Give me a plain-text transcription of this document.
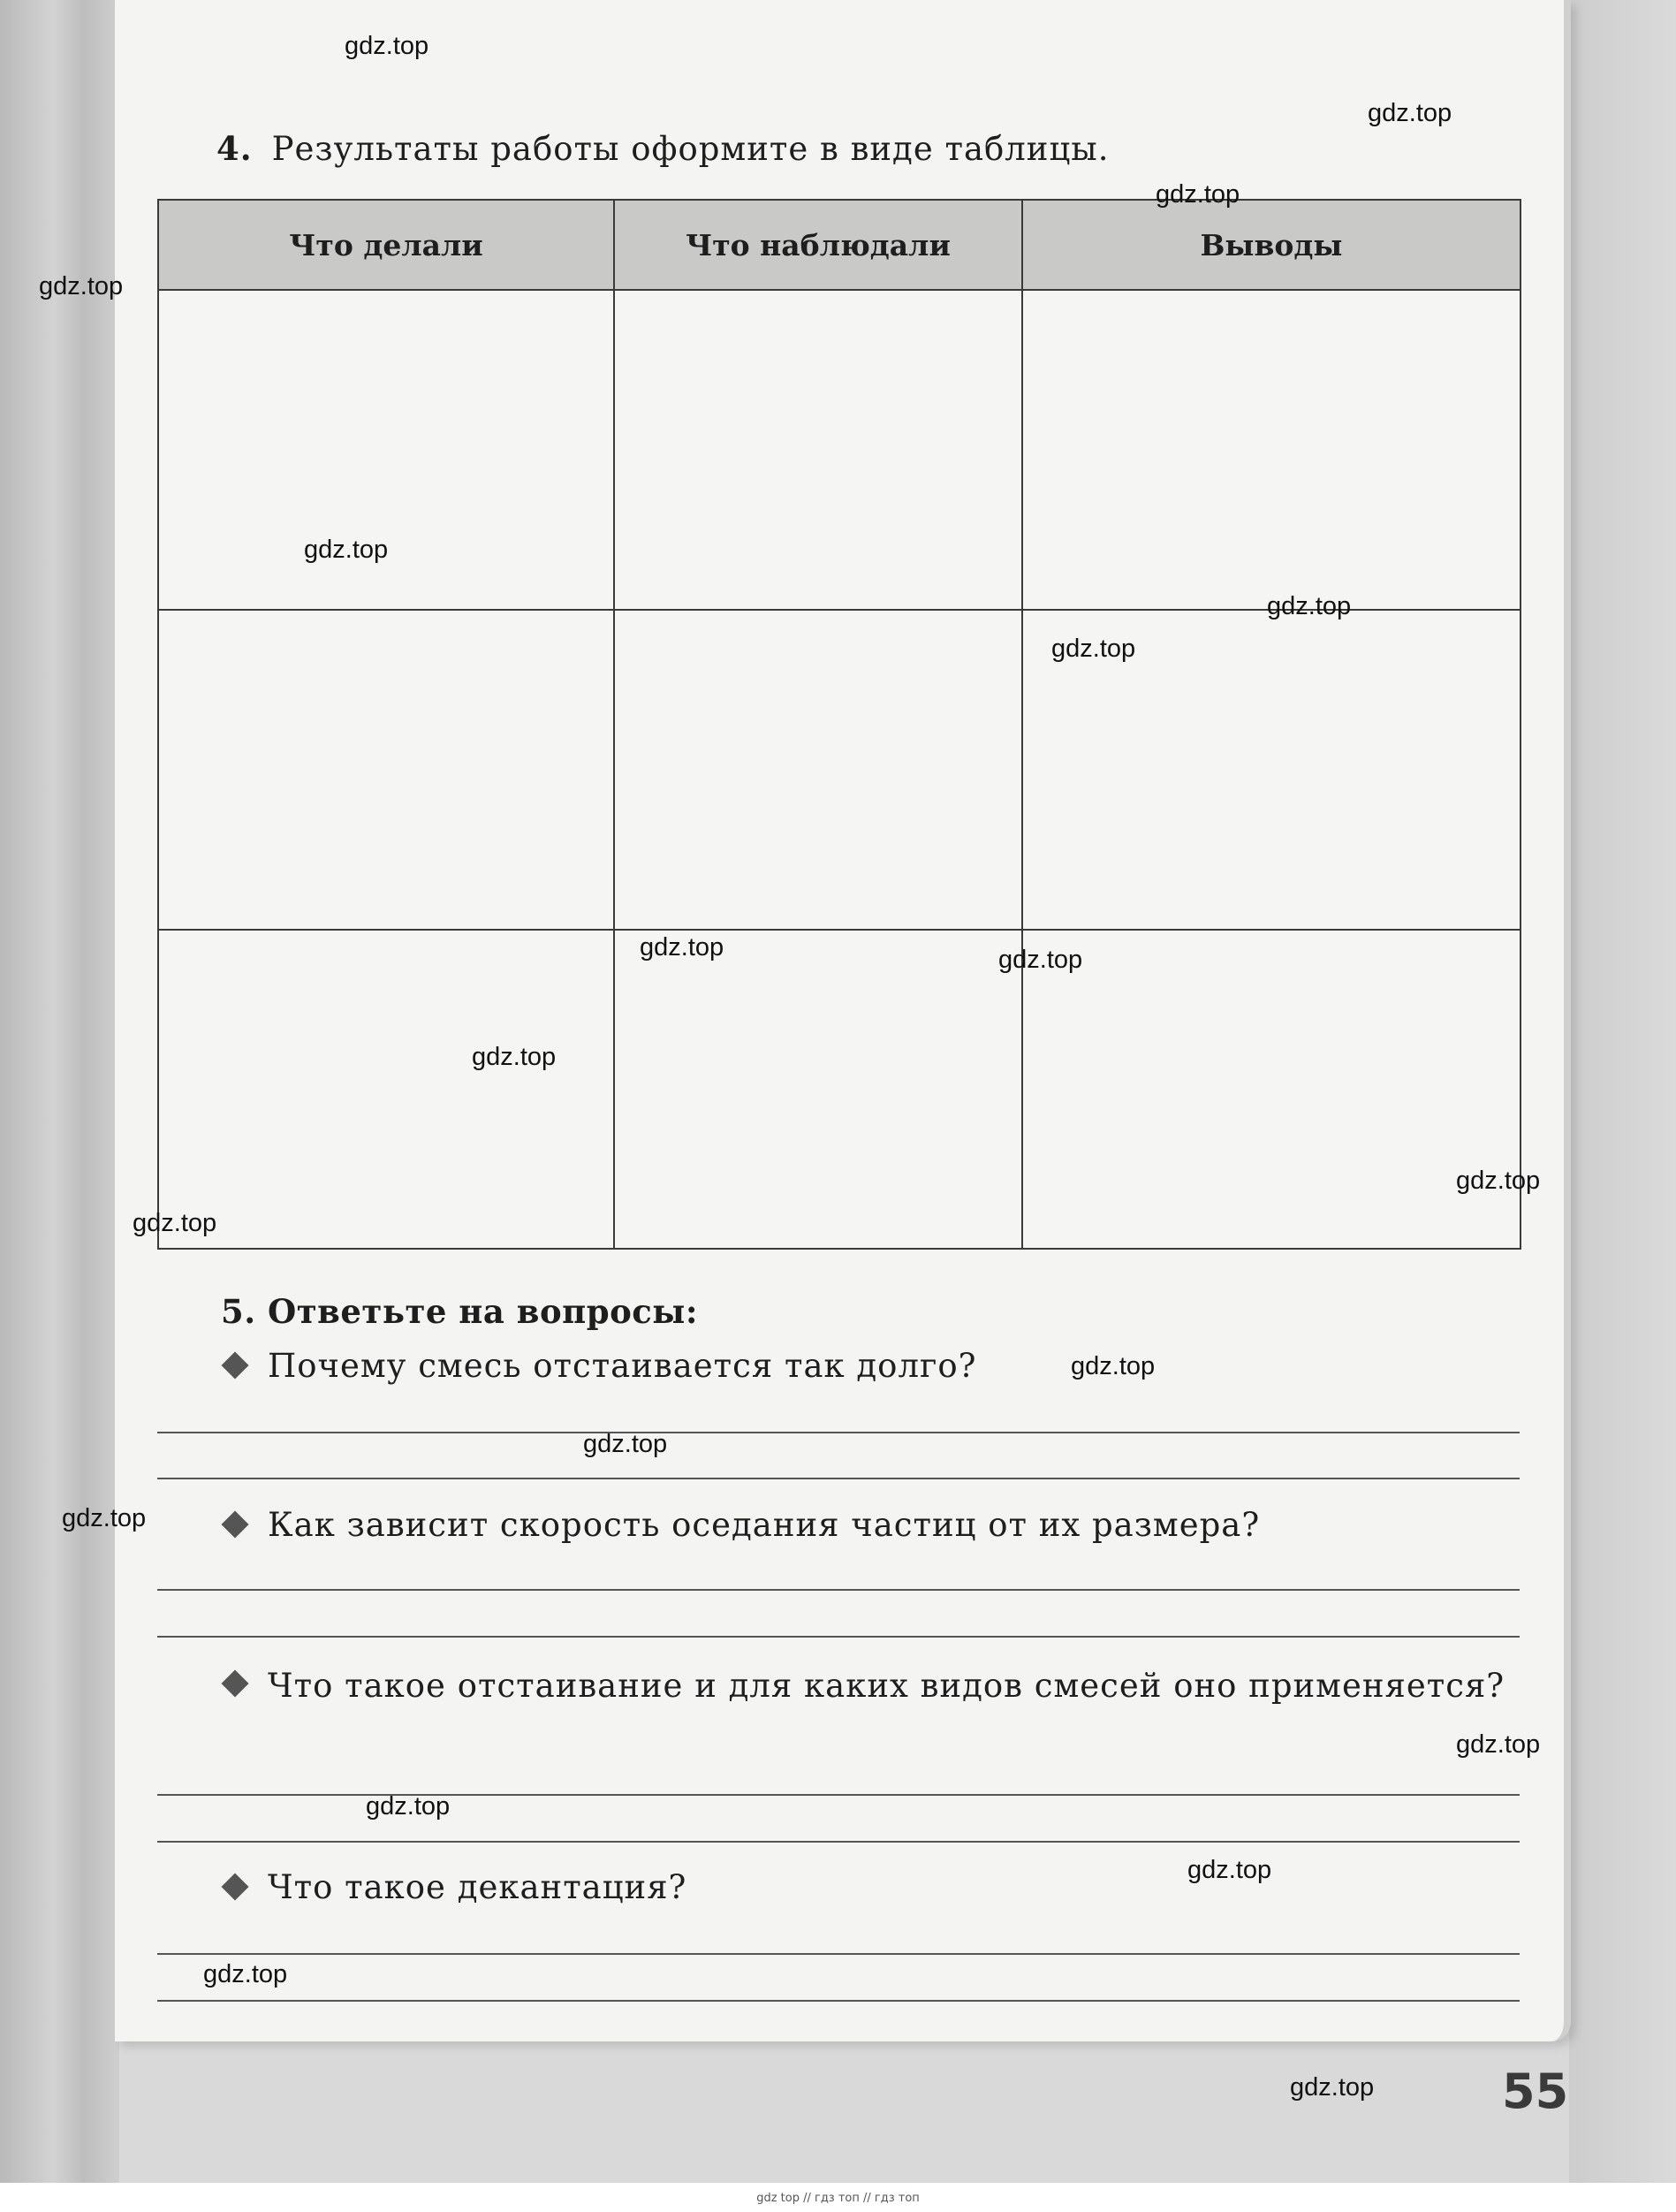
4. Результаты работы оформите в виде таблицы.
Что делали	Что наблюдали	Выводы

5. Ответьте на вопросы:
Почему смесь отстаивается так долго?
Как зависит скорость оседания частиц от их размера?
Что такое отстаивание и для каких видов смесей оно применяется?
Что такое декантация?
55
gdz.top
gdz.top
gdz.top
gdz.top
gdz.top
gdz.top
gdz.top
gdz.top	gdz.top
gdz.top
gdz.top
gdz.top
gdz.top
gdz.top
gdz.top
gdz.top
gdz.top
gdz.top
gdz.top
gdz.top
gdz top // гдз топ // гдз топ
